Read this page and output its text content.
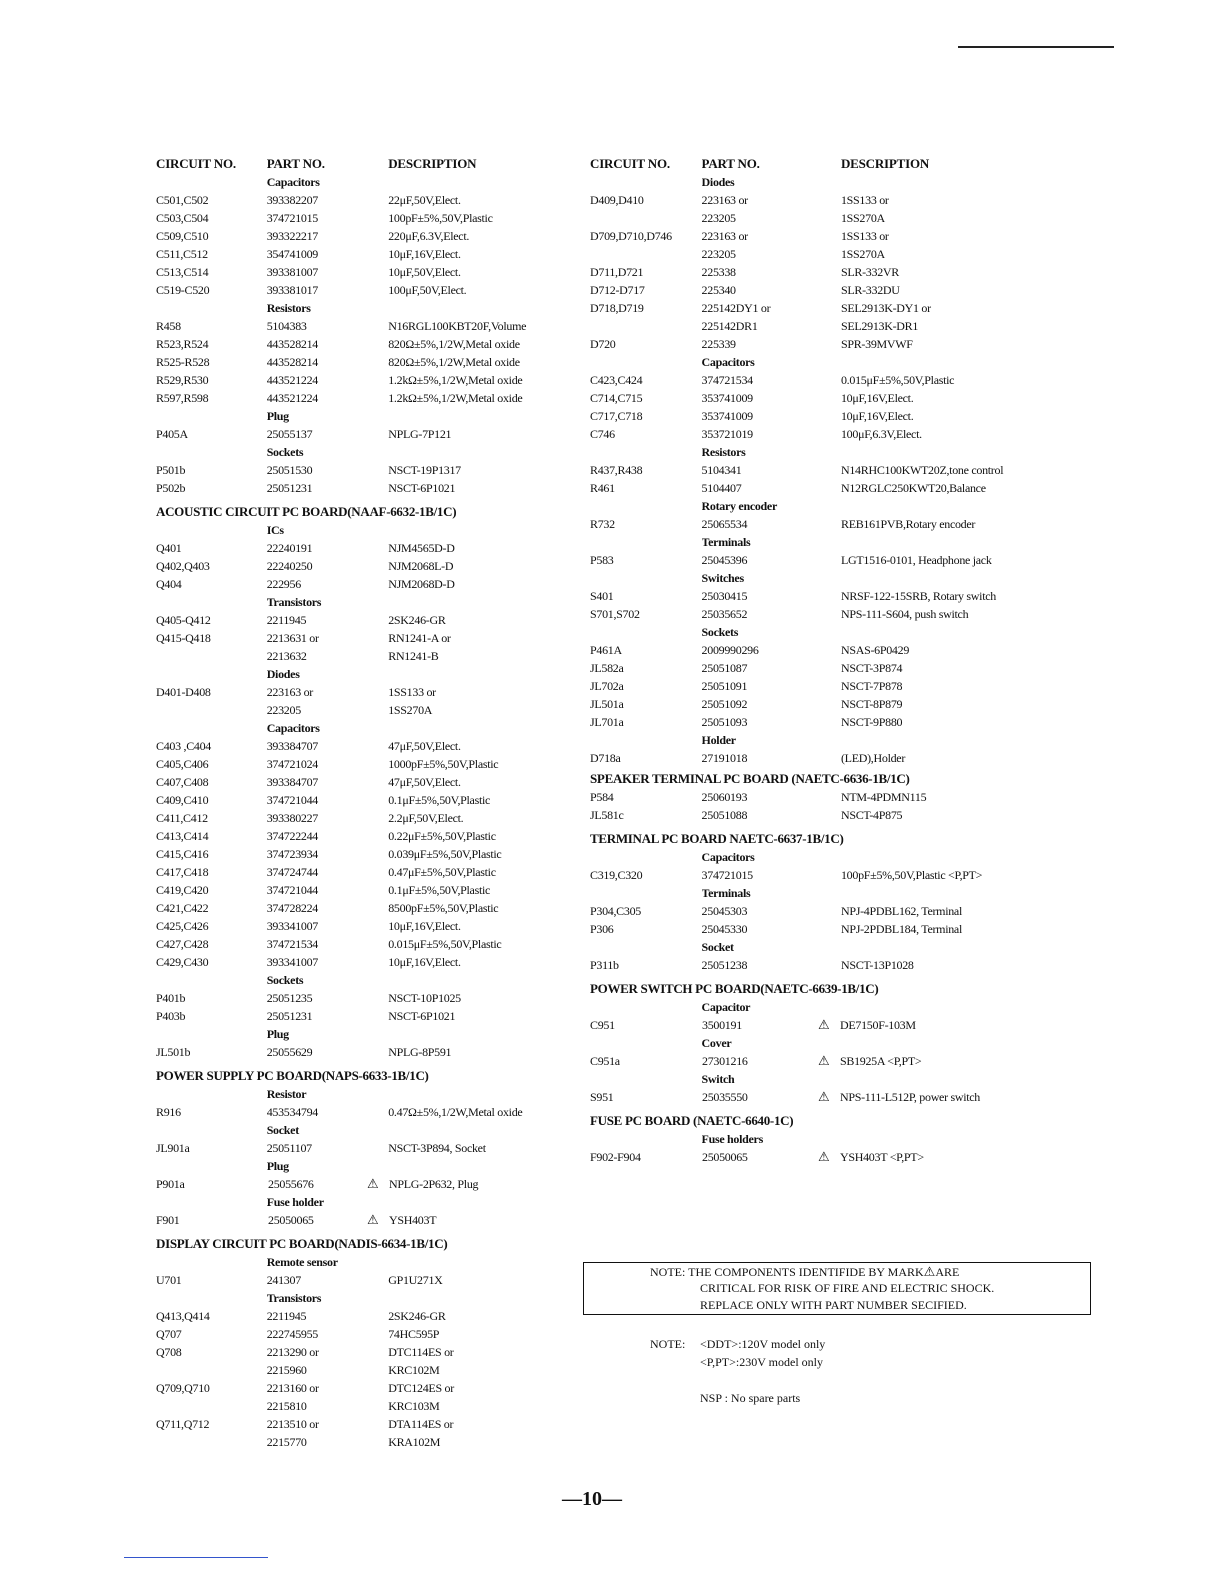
CIRCUIT NO.	PART NO.	DESCRIPTION
Capacitors
C501,C502	393382207	22μF,50V,Elect.
C503,C504	374721015	100pF±5%,50V,Plastic
C509,C510	393322217	220μF,6.3V,Elect.
C511,C512	354741009	10μF,16V,Elect.
C513,C514	393381007	10μF,50V,Elect.
C519-C520	393381017	100μF,50V,Elect.
Resistors
R458	5104383	N16RGL100KBT20F,Volume
R523,R524	443528214	820Ω±5%,1/2W,Metal oxide
R525-R528	443528214	820Ω±5%,1/2W,Metal oxide
R529,R530	443521224	1.2kΩ±5%,1/2W,Metal oxide
R597,R598	443521224	1.2kΩ±5%,1/2W,Metal oxide
Plug
P405A	25055137	NPLG-7P121
Sockets
P501b	25051530	NSCT-19P1317
P502b	25051231	NSCT-6P1021
ACOUSTIC CIRCUIT PC BOARD(NAAF-6632-1B/1C)
ICs
Q401	22240191	NJM4565D-D
Q402,Q403	22240250	NJM2068L-D
Q404	222956	NJM2068D-D
Transistors
Q405-Q412	2211945	2SK246-GR
Q415-Q418	2213631 or	RN1241-A or
2213632	RN1241-B
Diodes
D401-D408	223163 or	1SS133 or
223205	1SS270A
Capacitors
C403 ,C404	393384707	47μF,50V,Elect.
C405,C406	374721024	1000pF±5%,50V,Plastic
C407,C408	393384707	47μF,50V,Elect.
C409,C410	374721044	0.1μF±5%,50V,Plastic
C411,C412	393380227	2.2μF,50V,Elect.
C413,C414	374722244	0.22μF±5%,50V,Plastic
C415,C416	374723934	0.039μF±5%,50V,Plastic
C417,C418	374724744	0.47μF±5%,50V,Plastic
C419,C420	374721044	0.1μF±5%,50V,Plastic
C421,C422	374728224	8500pF±5%,50V,Plastic
C425,C426	393341007	10μF,16V,Elect.
C427,C428	374721534	0.015μF±5%,50V,Plastic
C429,C430	393341007	10μF,16V,Elect.
Sockets
P401b	25051235	NSCT-10P1025
P403b	25051231	NSCT-6P1021
Plug
JL501b	25055629	NPLG-8P591
POWER SUPPLY PC BOARD(NAPS-6633-1B/1C)
Resistor
R916	453534794	0.47Ω±5%,1/2W,Metal oxide
Socket
JL901a	25051107	NSCT-3P894, Socket
Plug
P901a	25055676	⚠ NPLG-2P632, Plug
Fuse holder
F901	25050065	⚠ YSH403T
DISPLAY CIRCUIT PC BOARD(NADIS-6634-1B/1C)
Remote sensor
U701	241307	GP1U271X
Transistors
Q413,Q414	2211945	2SK246-GR
Q707	222745955	74HC595P
Q708	2213290 or	DTC114ES or
2215960	KRC102M
Q709,Q710	2213160 or	DTC124ES or
2215810	KRC103M
Q711,Q712	2213510 or	DTA114ES or
2215770	KRA102M
CIRCUIT NO.	PART NO.	DESCRIPTION
Diodes
D409,D410	223163 or	1SS133 or
223205	1SS270A
D709,D710,D746	223163 or	1SS133 or
223205	1SS270A
D711,D721	225338	SLR-332VR
D712-D717	225340	SLR-332DU
D718,D719	225142DY1 or	SEL2913K-DY1 or
225142DR1	SEL2913K-DR1
D720	225339	SPR-39MVWF
Capacitors
C423,C424	374721534	0.015μF±5%,50V,Plastic
C714,C715	353741009	10μF,16V,Elect.
C717,C718	353741009	10μF,16V,Elect.
C746	353721019	100μF,6.3V,Elect.
Resistors
R437,R438	5104341	N14RHC100KWT20Z,tone control
R461	5104407	N12RGLC250KWT20,Balance
Rotary encoder
R732	25065534	REB161PVB,Rotary encoder
Terminals
P583	25045396	LGT1516-0101, Headphone jack
Switches
S401	25030415	NRSF-122-15SRB, Rotary switch
S701,S702	25035652	NPS-111-S604, push switch
Sockets
P461A	2009990296	NSAS-6P0429
JL582a	25051087	NSCT-3P874
JL702a	25051091	NSCT-7P878
JL501a	25051092	NSCT-8P879
JL701a	25051093	NSCT-9P880
Holder
D718a	27191018	(LED),Holder
SPEAKER TERMINAL PC BOARD (NAETC-6636-1B/1C)
P584	25060193	NTM-4PDMN115
JL581c	25051088	NSCT-4P875
TERMINAL PC BOARD NAETC-6637-1B/1C)
Capacitors
C319,C320	374721015	100pF±5%,50V,Plastic <P,PT>
Terminals
P304,C305	25045303	NPJ-4PDBL162, Terminal
P306	25045330	NPJ-2PDBL184, Terminal
Socket
P311b	25051238	NSCT-13P1028
POWER SWITCH PC BOARD(NAETC-6639-1B/1C)
Capacitor
C951	3500191	⚠ DE7150F-103M
Cover
C951a	27301216	⚠ SB1925A <P,PT>
Switch
S951	25035550	⚠ NPS-111-L512P, power switch
FUSE PC BOARD (NAETC-6640-1C)
Fuse holders
F902-F904	25050065	⚠ YSH403T <P,PT>
NOTE: THE COMPONENTS IDENTIFIDE BY MARK⚠ARE
CRITICAL FOR RISK OF FIRE AND ELECTRIC SHOCK.
REPLACE ONLY WITH PART NUMBER SECIFIED.
NOTE: <DDT>:120V model only
<P,PT>:230V model only
NSP : No spare parts
—10—
